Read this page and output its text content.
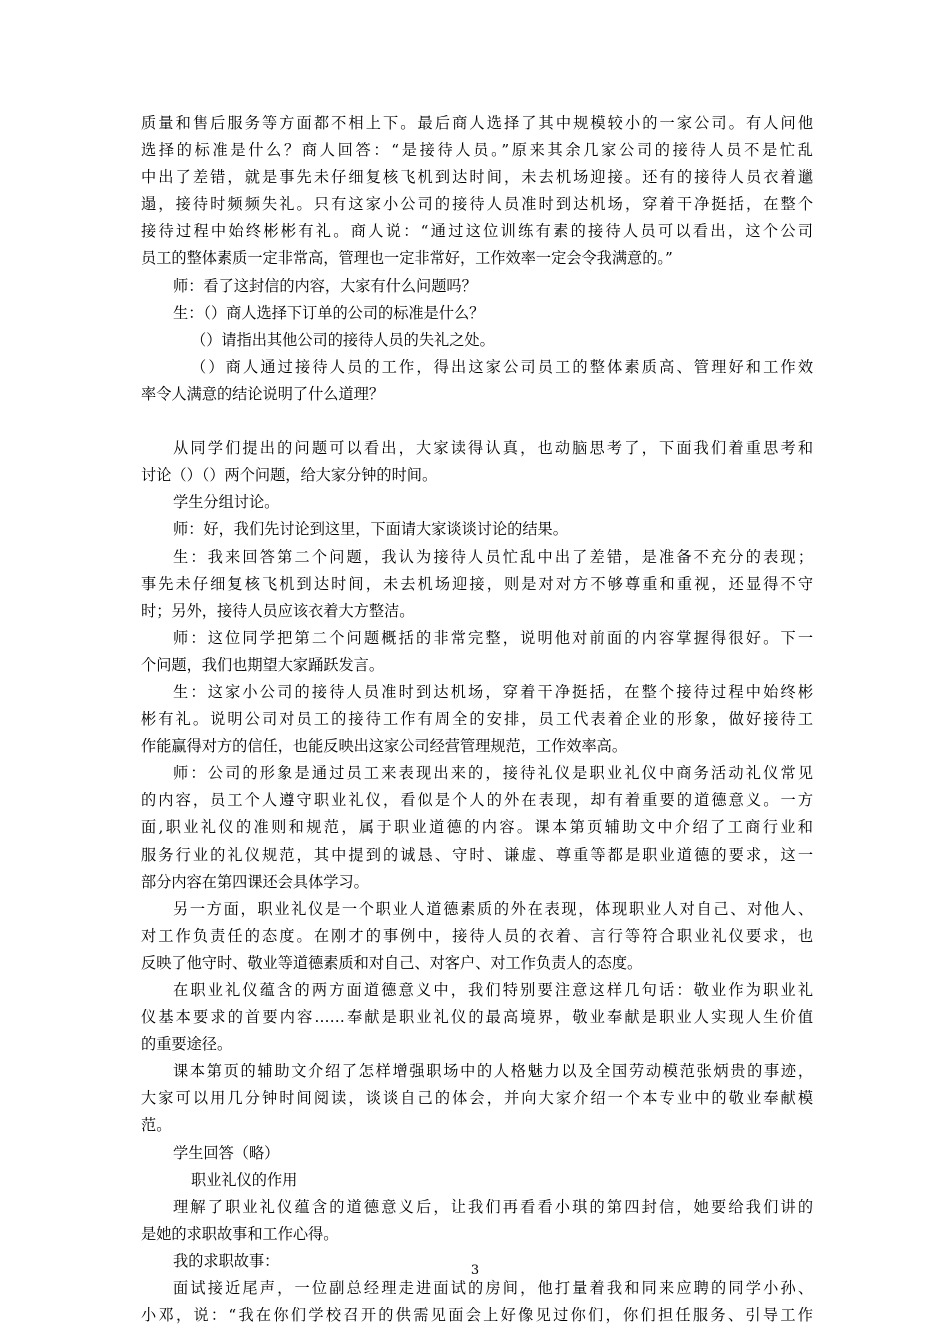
质量和售后服务等方面都不相上下。最后商人选择了其中规模较小的一家公司。有人问他
选择的标准是什么？商人回答：“是接待人员。”原来其余几家公司的接待人员不是忙乱
中出了差错，就是事先未仔细复核飞机到达时间，未去机场迎接。还有的接待人员衣着邋
遢，接待时频频失礼。只有这家小公司的接待人员准时到达机场，穿着干净挺括，在整个
接待过程中始终彬彬有礼。商人说：“通过这位训练有素的接待人员可以看出，这个公司
员工的整体素质一定非常高，管理也一定非常好，工作效率一定会令我满意的。”
师：看了这封信的内容，大家有什么问题吗？
生：（）商人选择下订单的公司的标准是什么？
（）请指出其他公司的接待人员的失礼之处。
（）商人通过接待人员的工作，得出这家公司员工的整体素质高、管理好和工作效
率令人满意的结论说明了什么道理？
从同学们提出的问题可以看出，大家读得认真，也动脑思考了，下面我们着重思考和
讨论（）（）两个问题，给大家分钟的时间。
学生分组讨论。
师：好，我们先讨论到这里，下面请大家谈谈讨论的结果。
生：我来回答第二个问题，我认为接待人员忙乱中出了差错，是准备不充分的表现；
事先未仔细复核飞机到达时间，未去机场迎接，则是对对方不够尊重和重视，还显得不守
时；另外，接待人员应该衣着大方整洁。
师：这位同学把第二个问题概括的非常完整，说明他对前面的内容掌握得很好。下一
个问题，我们也期望大家踊跃发言。
生：这家小公司的接待人员准时到达机场，穿着干净挺括，在整个接待过程中始终彬
彬有礼。说明公司对员工的接待工作有周全的安排，员工代表着企业的形象，做好接待工
作能赢得对方的信任，也能反映出这家公司经营管理规范，工作效率高。
师：公司的形象是通过员工来表现出来的，接待礼仪是职业礼仪中商务活动礼仪常见
的内容，员工个人遵守职业礼仪，看似是个人的外在表现，却有着重要的道德意义。一方
面,职业礼仪的准则和规范，属于职业道德的内容。课本第页辅助文中介绍了工商行业和
服务行业的礼仪规范，其中提到的诚恳、守时、谦虚、尊重等都是职业道德的要求，这一
部分内容在第四课还会具体学习。
另一方面，职业礼仪是一个职业人道德素质的外在表现，体现职业人对自己、对他人、
对工作负责任的态度。在刚才的事例中，接待人员的衣着、言行等符合职业礼仪要求，也
反映了他守时、敬业等道德素质和对自己、对客户、对工作负责人的态度。
在职业礼仪蕴含的两方面道德意义中，我们特别要注意这样几句话：敬业作为职业礼
仪基本要求的首要内容……奉献是职业礼仪的最高境界，敬业奉献是职业人实现人生价值
的重要途径。
课本第页的辅助文介绍了怎样增强职场中的人格魅力以及全国劳动模范张炳贵的事迹，
大家可以用几分钟时间阅读，谈谈自己的体会，并向大家介绍一个本专业中的敬业奉献模
范。
学生回答（略）
职业礼仪的作用
理解了职业礼仪蕴含的道德意义后，让我们再看看小琪的第四封信，她要给我们讲的
是她的求职故事和工作心得。
我的求职故事：
面试接近尾声，一位副总经理走进面试的房间，他打量着我和同来应聘的同学小孙、
小邓，说：“我在你们学校召开的供需见面会上好像见过你们，你们担任服务、引导工作
3
